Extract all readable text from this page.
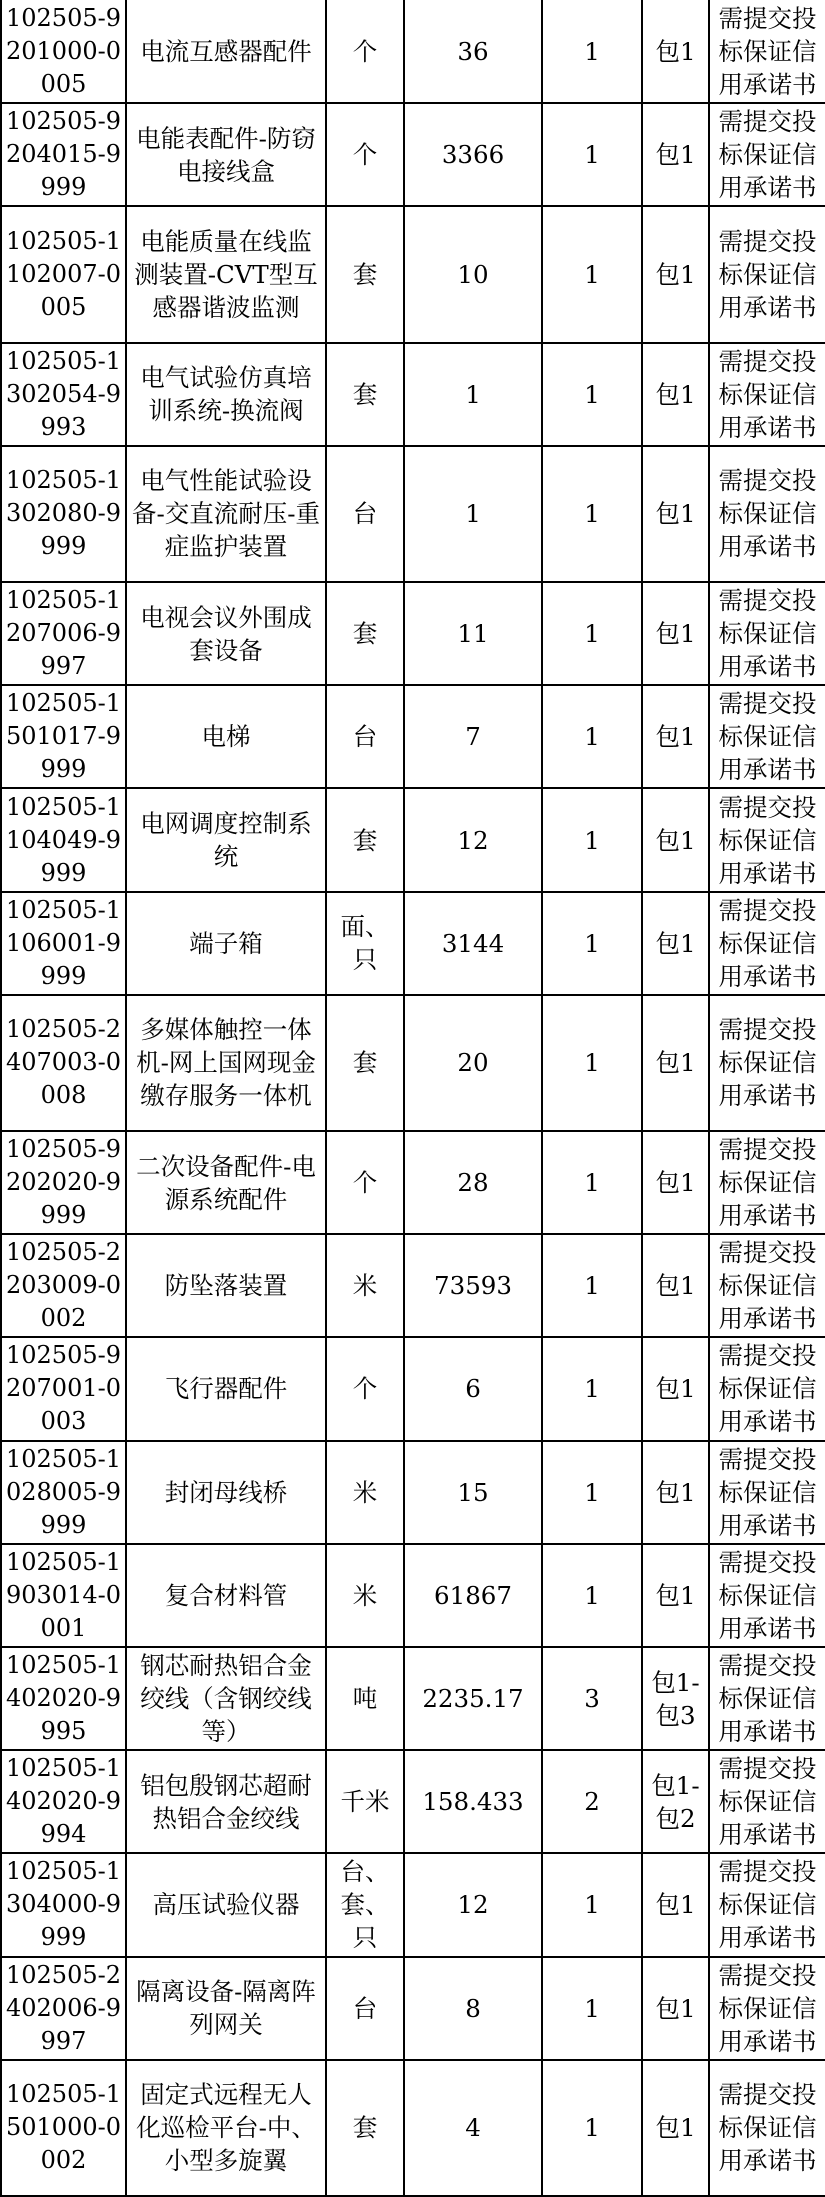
102505-9201000-0005	电流互感器配件	个	36	1	包1	需提交投标保证信用承诺书
102505-9204015-9999	电能表配件-防窃电接线盒	个	3366	1	包1	需提交投标保证信用承诺书
102505-1102007-0005	电能质量在线监测装置-CVT型互感器谐波监测	套	10	1	包1	需提交投标保证信用承诺书
102505-1302054-9993	电气试验仿真培训系统-换流阀	套	1	1	包1	需提交投标保证信用承诺书
102505-1302080-9999	电气性能试验设备-交直流耐压-重症监护装置	台	1	1	包1	需提交投标保证信用承诺书
102505-1207006-9997	电视会议外围成套设备	套	11	1	包1	需提交投标保证信用承诺书
102505-1501017-9999	电梯	台	7	1	包1	需提交投标保证信用承诺书
102505-1104049-9999	电网调度控制系统	套	12	1	包1	需提交投标保证信用承诺书
102505-1106001-9999	端子箱	面、只	3144	1	包1	需提交投标保证信用承诺书
102505-2407003-0008	多媒体触控一体机-网上国网现金缴存服务一体机	套	20	1	包1	需提交投标保证信用承诺书
102505-9202020-9999	二次设备配件-电源系统配件	个	28	1	包1	需提交投标保证信用承诺书
102505-2203009-0002	防坠落装置	米	73593	1	包1	需提交投标保证信用承诺书
102505-9207001-0003	飞行器配件	个	6	1	包1	需提交投标保证信用承诺书
102505-1028005-9999	封闭母线桥	米	15	1	包1	需提交投标保证信用承诺书
102505-1903014-0001	复合材料管	米	61867	1	包1	需提交投标保证信用承诺书
102505-1402020-9995	钢芯耐热铝合金绞线（含钢绞线等）	吨	2235.17	3	包1-包3	需提交投标保证信用承诺书
102505-1402020-9994	铝包殷钢芯超耐热铝合金绞线	千米	158.433	2	包1-包2	需提交投标保证信用承诺书
102505-1304000-9999	高压试验仪器	台、套、只	12	1	包1	需提交投标保证信用承诺书
102505-2402006-9997	隔离设备-隔离阵列网关	台	8	1	包1	需提交投标保证信用承诺书
102505-1501000-0002	固定式远程无人化巡检平台-中、小型多旋翼	套	4	1	包1	需提交投标保证信用承诺书
